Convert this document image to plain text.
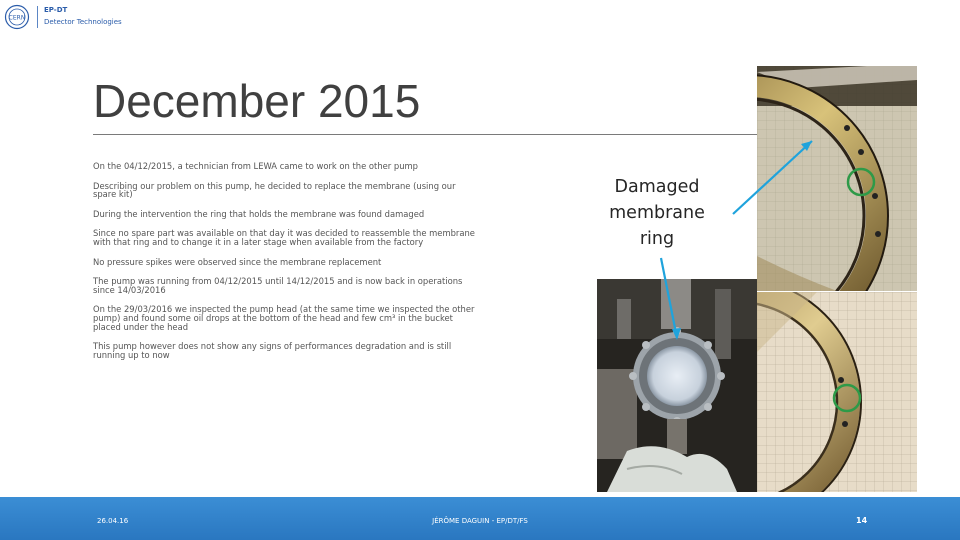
CERN
EP-DT
Detector Technologies
December 2015
On the 04/12/2015, a technician from LEWA came to work on the other pump
Describing our problem on this pump, he decided to replace the membrane (using our spare kit)
During the intervention the ring that holds the membrane was found damaged
Since no spare part was available on that day it was decided to reassemble the membrane with that ring and to change it in a later stage when available from the factory
No pressure spikes were observed since the membrane replacement
The pump was running from 04/12/2015 until 14/12/2015 and is now back in operations since 14/03/2016
On the 29/03/2016 we inspected the pump head (at the same time we inspected the other pump) and found some oil drops at the bottom of the head and few cm³ in the bucket placed under the head
This pump however does not show any signs of performances degradation and is still running up to now
Damaged
membrane
ring
26.04.16	JÉRÔME DAGUIN - EP/DT/FS	14
